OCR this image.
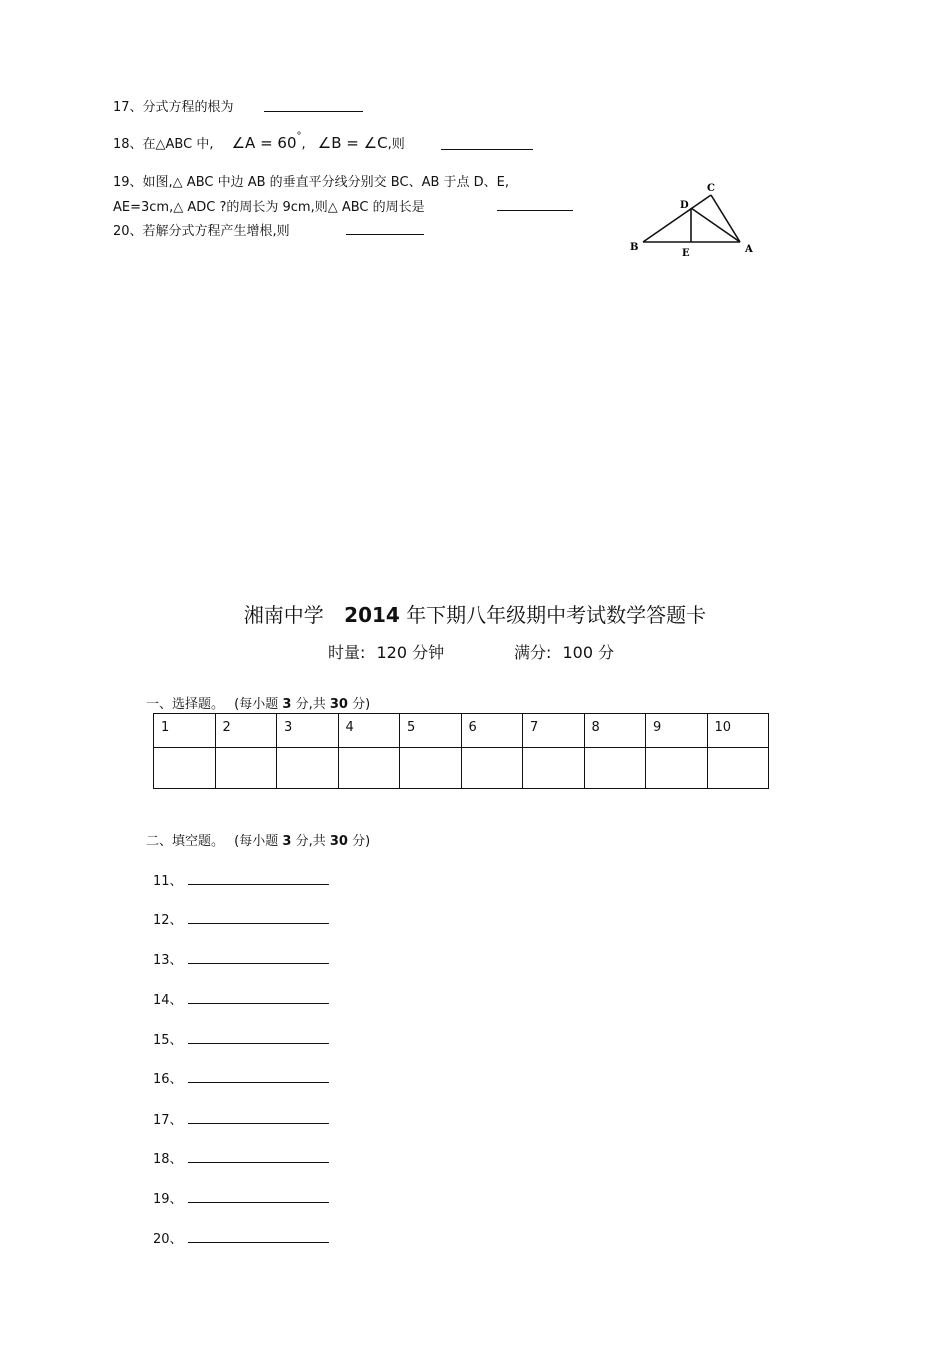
17、分式方程的根为
18、在△ABC 中, ∠A = 60°, ∠B = ∠C,则
19、如图,△ ABC 中边 AB 的垂直平分线分别交 BC、AB 于点 D、E,
AE=3cm,△ ADC ?的周长为 9cm,则△ ABC 的周长是
20、若解分式方程产生增根,则
B
E	A
D
C
湘南中学 2014 年下期八年级期中考试数学答题卡
时量: 120 分钟	满分: 100 分
一、选择题。 (每小题 3 分,共 30 分)
1	2	3	4	5	6	7	8	9	10

二、填空题。 (每小题 3 分,共 30 分)
11、
12、
13、
14、
15、
16、
17、
18、
19、
20、
